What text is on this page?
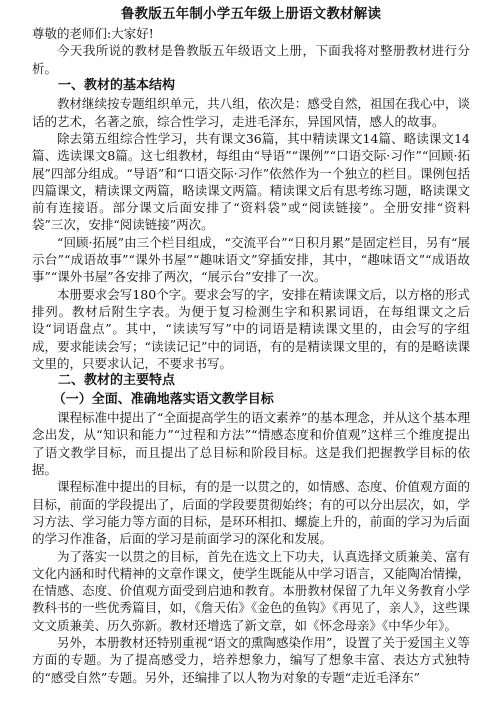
鲁教版五年制小学五年级上册语文教材解读

尊敬的老师们:大家好!

今天我所说的教材是鲁教版五年级语文上册，下面我将对整册教材进行分析。

一、教材的基本结构

教材继续按专题组织单元，共八组，依次是：感受自然，祖国在我心中，谈话的艺术，名著之旅，综合性学习，走进毛泽东，异国风情，感人的故事。

除去第五组综合性学习，共有课文36篇，其中精读课文14篇、略读课文14篇、选读课文8篇。这七组教材，每组由“导语”“课例”“口语交际·习作”“回顾·拓展”四部分组成。“导语”和“口语交际·习作”依然作为一个独立的栏目。课例包括四篇课文，精读课文两篇，略读课文两篇。精读课文后有思考练习题，略读课文前有连接语。部分课文后面安排了“资料袋”或“阅读链接”。全册安排“资料袋”三次，安排“阅读链接”两次。

“回顾·拓展”由三个栏目组成，“交流平台”“日积月累”是固定栏目，另有“展示台”“成语故事”“课外书屋”“趣味语文”穿插安排，其中，“趣味语文”“成语故事”“课外书屋”各安排了两次，“展示台”安排了一次。

本册要求会写180个字。要求会写的字，安排在精读课文后，以方格的形式排列。教材后附生字表。为便于复习检测生字和积累词语，在每组课文之后设“词语盘点”。其中，“读读写写”中的词语是精读课文里的，由会写的字组成，要求能读会写；“读读记记”中的词语，有的是精读课文里的，有的是略读课文里的，只要求认记，不要求书写。

二、教材的主要特点
（一）全面、准确地落实语文教学目标

课程标准中提出了“全面提高学生的语文素养”的基本理念，并从这个基本理念出发，从“知识和能力”“过程和方法”“情感态度和价值观”这样三个维度提出了语文教学目标，而且提出了总目标和阶段目标。这是我们把握教学目标的依据。

课程标准中提出的目标，有的是一以贯之的，如情感、态度、价值观方面的目标，前面的学段提出了，后面的学段要贯彻始终；有的可以分出层次，如，学习方法、学习能力等方面的目标，是环环相扣、螺旋上升的，前面的学习为后面的学习作准备，后面的学习是前面学习的深化和发展。

为了落实一以贯之的目标，首先在选文上下功夫，认真选择文质兼美、富有文化内涵和时代精神的文章作课文，使学生既能从中学习语言，又能陶冶情操，在情感、态度、价值观方面受到启迪和教育。本册教材保留了九年义务教育小学教科书的一些优秀篇目，如，《詹天佑》《金色的鱼钩》《再见了，亲人》，这些课文文质兼美、历久弥新。教材还增选了新文章，如《怀念母亲》《中华少年》。

另外，本册教材还特别重视“语文的熏陶感染作用”，设置了关于爱国主义等方面的专题。为了提高感受力，培养想象力，编写了想象丰富、表达方式独特的“感受自然”专题。另外，还编排了以人物为对象的专题“走近毛泽东”
